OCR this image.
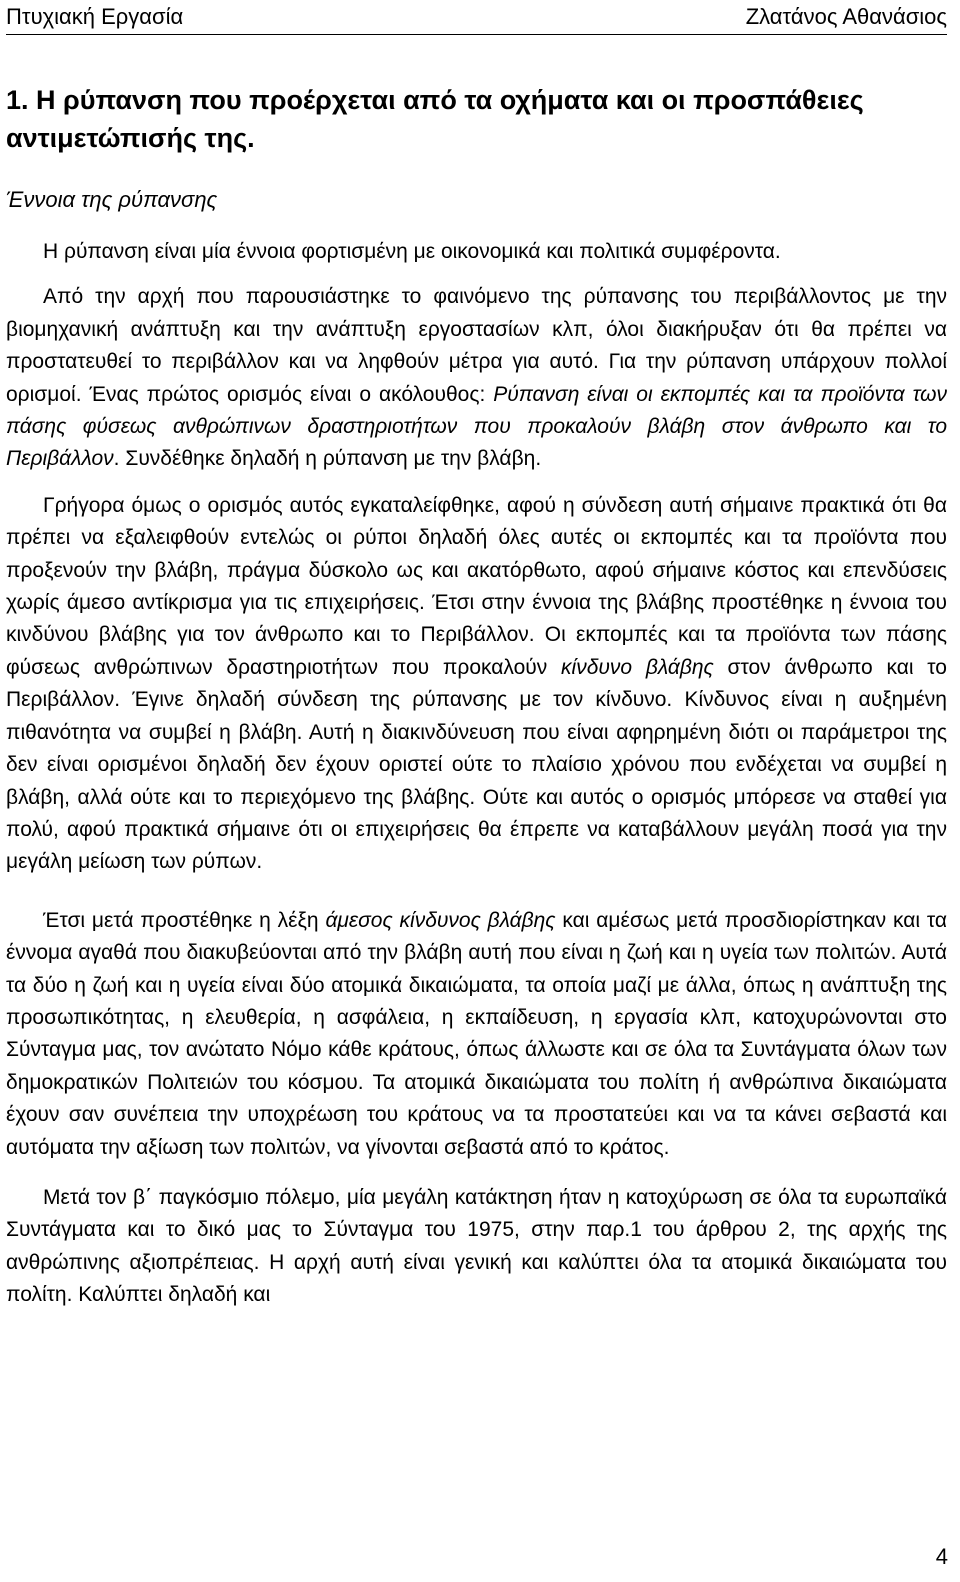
Πτυχιακή Εργασία	Ζλατάνος Αθανάσιος
1. Η ρύπανση που προέρχεται από τα οχήματα και οι προσπάθειες αντιμετώπισής της.
Έννοια της ρύπανσης

Η ρύπανση είναι μία έννοια φορτισμένη με οικονομικά και πολιτικά συμφέροντα.

Από την αρχή που παρουσιάστηκε το φαινόμενο της ρύπανσης του περιβάλλοντος με την βιομηχανική ανάπτυξη και την ανάπτυξη εργοστασίων κλπ, όλοι διακήρυξαν ότι θα πρέπει να προστατευθεί το περιβάλλον και να ληφθούν μέτρα για αυτό. Για την ρύπανση υπάρχουν πολλοί ορισμοί. Ένας πρώτος ορισμός είναι ο ακόλουθος: Ρύπανση είναι οι εκπομπές και τα προϊόντα των πάσης φύσεως ανθρώπινων δραστηριοτήτων που προκαλούν βλάβη στον άνθρωπο και το Περιβάλλον. Συνδέθηκε δηλαδή η ρύπανση με την βλάβη.

Γρήγορα όμως ο ορισμός αυτός εγκαταλείφθηκε, αφού η σύνδεση αυτή σήμαινε πρακτικά ότι θα πρέπει να εξαλειφθούν εντελώς οι ρύποι δηλαδή όλες αυτές οι εκπομπές και τα προϊόντα που προξενούν την βλάβη, πράγμα δύσκολο ως και ακατόρθωτο, αφού σήμαινε κόστος και επενδύσεις χωρίς άμεσο αντίκρισμα για τις επιχειρήσεις. Έτσι στην έννοια της βλάβης προστέθηκε η έννοια του κινδύνου βλάβης για τον άνθρωπο και το Περιβάλλον. Οι εκπομπές και τα προϊόντα των πάσης φύσεως ανθρώπινων δραστηριοτήτων που προκαλούν κίνδυνο βλάβης στον άνθρωπο και το Περιβάλλον. Έγινε δηλαδή σύνδεση της ρύπανσης με τον κίνδυνο. Κίνδυνος είναι η αυξημένη πιθανότητα να συμβεί η βλάβη. Αυτή η διακινδύνευση που είναι αφηρημένη διότι οι παράμετροι της δεν είναι ορισμένοι δηλαδή δεν έχουν οριστεί ούτε το πλαίσιο χρόνου που ενδέχεται να συμβεί η βλάβη, αλλά ούτε και το περιεχόμενο της βλάβης. Ούτε και αυτός ο ορισμός μπόρεσε να σταθεί για πολύ, αφού πρακτικά σήμαινε ότι οι επιχειρήσεις θα έπρεπε να καταβάλλουν μεγάλη ποσά για την μεγάλη μείωση των ρύπων.

Έτσι μετά προστέθηκε η λέξη άμεσος κίνδυνος βλάβης και αμέσως μετά προσδιορίστηκαν και τα έννομα αγαθά που διακυβεύονται από την βλάβη αυτή που είναι η ζωή και η υγεία των πολιτών. Αυτά τα δύο η ζωή και η υγεία είναι δύο ατομικά δικαιώματα, τα οποία μαζί με άλλα, όπως η ανάπτυξη της προσωπικότητας, η ελευθερία, η ασφάλεια, η εκπαίδευση, η εργασία κλπ, κατοχυρώνονται στο Σύνταγμα μας, τον ανώτατο Νόμο κάθε κράτους, όπως άλλωστε και σε όλα τα Συντάγματα όλων των δημοκρατικών Πολιτειών του κόσμου. Τα ατομικά δικαιώματα του πολίτη ή ανθρώπινα δικαιώματα έχουν σαν συνέπεια την υποχρέωση του κράτους να τα προστατεύει και να τα κάνει σεβαστά και αυτόματα την αξίωση των πολιτών, να γίνονται σεβαστά από το κράτος.

Μετά τον β΄ παγκόσμιο πόλεμο, μία μεγάλη κατάκτηση ήταν η κατοχύρωση σε όλα τα ευρωπαϊκά Συντάγματα και το δικό μας το Σύνταγμα του 1975, στην παρ.1 του άρθρου 2, της αρχής της ανθρώπινης αξιοπρέπειας. Η αρχή αυτή είναι γενική και καλύπτει όλα τα ατομικά δικαιώματα του πολίτη. Καλύπτει δηλαδή και

4
